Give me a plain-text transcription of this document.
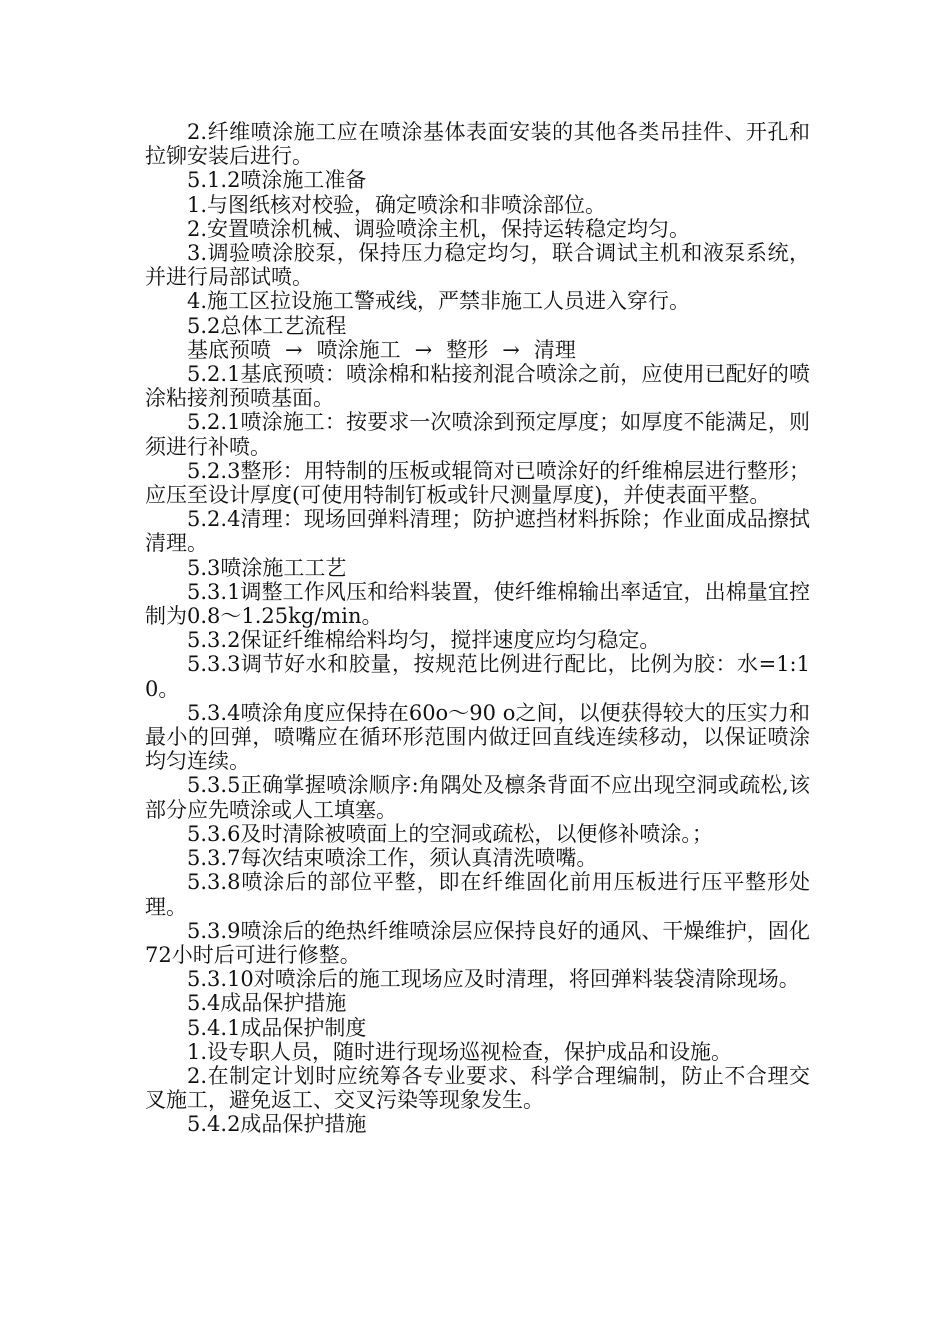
2.纤维喷涂施工应在喷涂基体表面安装的其他各类吊挂件、开孔和拉铆安装后进行。

5.1.2喷涂施工准备

1.与图纸核对校验，确定喷涂和非喷涂部位。

2.安置喷涂机械、调验喷涂主机，保持运转稳定均匀。

3.调验喷涂胶泵，保持压力稳定均匀，联合调试主机和液泵系统，并进行局部试喷。

4.施工区拉设施工警戒线，严禁非施工人员进入穿行。

5.2总体工艺流程

基底预喷 → 喷涂施工 → 整形 → 清理

5.2.1基底预喷：喷涂棉和粘接剂混合喷涂之前，应使用已配好的喷涂粘接剂预喷基面。

5.2.1喷涂施工：按要求一次喷涂到预定厚度；如厚度不能满足，则须进行补喷。

5.2.3整形：用特制的压板或辊筒对已喷涂好的纤维棉层进行整形；应压至设计厚度(可使用特制钉板或针尺测量厚度)，并使表面平整。

5.2.4清理：现场回弹料清理；防护遮挡材料拆除；作业面成品擦拭清理。

5.3喷涂施工工艺

5.3.1调整工作风压和给料装置，使纤维棉输出率适宜，出棉量宜控制为0.8～1.25kg/min。

5.3.2保证纤维棉给料均匀，搅拌速度应均匀稳定。

5.3.3调节好水和胶量，按规范比例进行配比，比例为胶：水=1:10。

5.3.4喷涂角度应保持在60o～90 o之间，以便获得较大的压实力和最小的回弹，喷嘴应在循环形范围内做迂回直线连续移动，以保证喷涂均匀连续。

5.3.5正确掌握喷涂顺序:角隅处及檩条背面不应出现空洞或疏松,该部分应先喷涂或人工填塞。

5.3.6及时清除被喷面上的空洞或疏松，以便修补喷涂。；

5.3.7每次结束喷涂工作，须认真清洗喷嘴。

5.3.8喷涂后的部位平整，即在纤维固化前用压板进行压平整形处理。

5.3.9喷涂后的绝热纤维喷涂层应保持良好的通风、干燥维护，固化72小时后可进行修整。

5.3.10对喷涂后的施工现场应及时清理，将回弹料装袋清除现场。

5.4成品保护措施

5.4.1成品保护制度

1.设专职人员，随时进行现场巡视检查，保护成品和设施。

2.在制定计划时应统筹各专业要求、科学合理编制，防止不合理交叉施工，避免返工、交叉污染等现象发生。

5.4.2成品保护措施
